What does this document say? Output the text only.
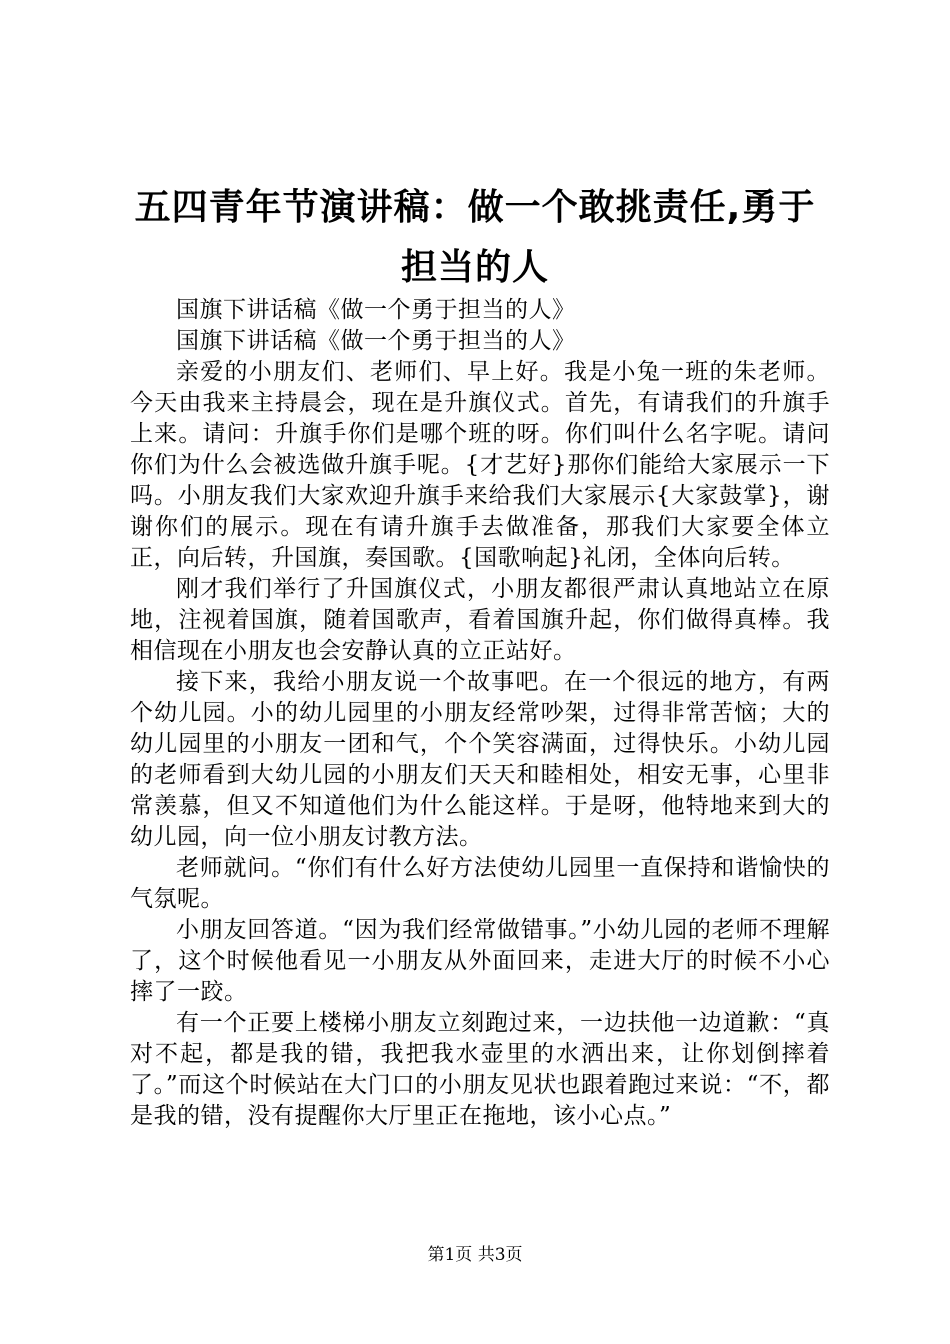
五四青年节演讲稿：做一个敢挑责任,勇于担当的人

国旗下讲话稿《做一个勇于担当的人》

国旗下讲话稿《做一个勇于担当的人》

亲爱的小朋友们、老师们、早上好。我是小兔一班的朱老师。今天由我来主持晨会，现在是升旗仪式。首先，有请我们的升旗手上来。请问：升旗手你们是哪个班的呀。你们叫什么名字呢。请问你们为什么会被选做升旗手呢。{才艺好}那你们能给大家展示一下吗。小朋友我们大家欢迎升旗手来给我们大家展示{大家鼓掌}，谢谢你们的展示。现在有请升旗手去做准备，那我们大家要全体立正，向后转，升国旗，奏国歌。{国歌响起}礼闭，全体向后转。

刚才我们举行了升国旗仪式，小朋友都很严肃认真地站立在原地，注视着国旗，随着国歌声，看着国旗升起，你们做得真棒。我相信现在小朋友也会安静认真的立正站好。

接下来，我给小朋友说一个故事吧。在一个很远的地方，有两个幼儿园。小的幼儿园里的小朋友经常吵架，过得非常苦恼；大的幼儿园里的小朋友一团和气，个个笑容满面，过得快乐。小幼儿园的老师看到大幼儿园的小朋友们天天和睦相处，相安无事，心里非常羡慕，但又不知道他们为什么能这样。于是呀，他特地来到大的幼儿园，向一位小朋友讨教方法。

老师就问。“你们有什么好方法使幼儿园里一直保持和谐愉快的气氛呢。

小朋友回答道。“因为我们经常做错事。”小幼儿园的老师不理解了，这个时候他看见一小朋友从外面回来，走进大厅的时候不小心摔了一跤。

有一个正要上楼梯小朋友立刻跑过来，一边扶他一边道歉：“真对不起，都是我的错，我把我水壶里的水洒出来，让你划倒摔着了。”而这个时候站在大门口的小朋友见状也跟着跑过来说：“不，都是我的错，没有提醒你大厅里正在拖地，该小心点。”

第1页 共3页
